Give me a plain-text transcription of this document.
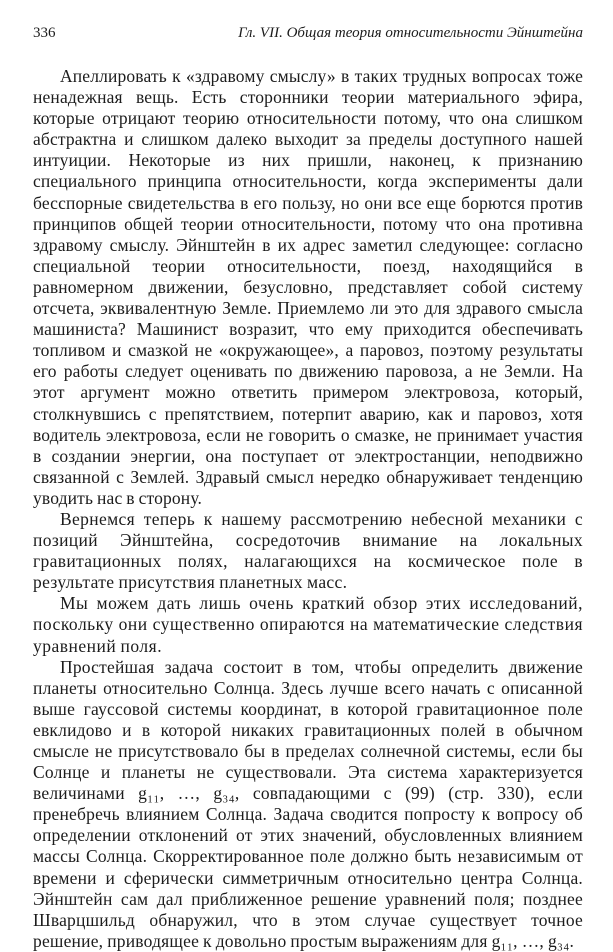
336	Гл. VII. Общая теория относительности Эйнштейна

Апеллировать к «здравому смыслу» в таких трудных вопросах тоже ненадежная вещь. Есть сторонники теории материального эфира, которые отрицают теорию относительности потому, что она слишком абстрактна и слишком далеко выходит за пределы доступного нашей интуиции. Некоторые из них пришли, наконец, к признанию специального принципа относительности, когда эксперименты дали бесспорные свидетельства в его пользу, но они все еще борются против принципов общей теории относительности, потому что она противна здравому смыслу. Эйнштейн в их адрес заметил следующее: согласно специальной теории относительности, поезд, находящийся в равномерном движении, безусловно, представляет собой систему отсчета, эквивалентную Земле. Приемлемо ли это для здравого смысла машиниста? Машинист возразит, что ему приходится обеспечивать топливом и смазкой не «окружающее», а паровоз, поэтому результаты его работы следует оценивать по движению паровоза, а не Земли. На этот аргумент можно ответить примером электровоза, который, столкнувшись с препятствием, потерпит аварию, как и паровоз, хотя водитель электровоза, если не говорить о смазке, не принимает участия в создании энергии, она поступает от электростанции, неподвижно связанной с Землей. Здравый смысл нередко обнаруживает тенденцию уводить нас в сторону.

Вернемся теперь к нашему рассмотрению небесной механики с позиций Эйнштейна, сосредоточив внимание на локальных гравитационных полях, налагающихся на космическое поле в результате присутствия планетных масс.

Мы можем дать лишь очень краткий обзор этих исследований, поскольку они существенно опираются на математические следствия уравнений поля.

Простейшая задача состоит в том, чтобы определить движение планеты относительно Солнца. Здесь лучше всего начать с описанной выше гауссовой системы координат, в которой гравитационное поле евклидово и в которой никаких гравитационных полей в обычном смысле не присутствовало бы в пределах солнечной системы, если бы Солнце и планеты не существовали. Эта система характеризуется величинами g₁₁, …, g₃₄, совпадающими с (99) (стр. 330), если пренебречь влиянием Солнца. Задача сводится попросту к вопросу об определении отклонений от этих значений, обусловленных влиянием массы Солнца. Скорректированное поле должно быть независимым от времени и сферически симметричным относительно центра Солнца. Эйнштейн сам дал приближенное решение уравнений поля; позднее Шварцшильд обнаружил, что в этом случае существует точное решение, приводящее к довольно простым выражениям для g₁₁, …, g₃₄.
